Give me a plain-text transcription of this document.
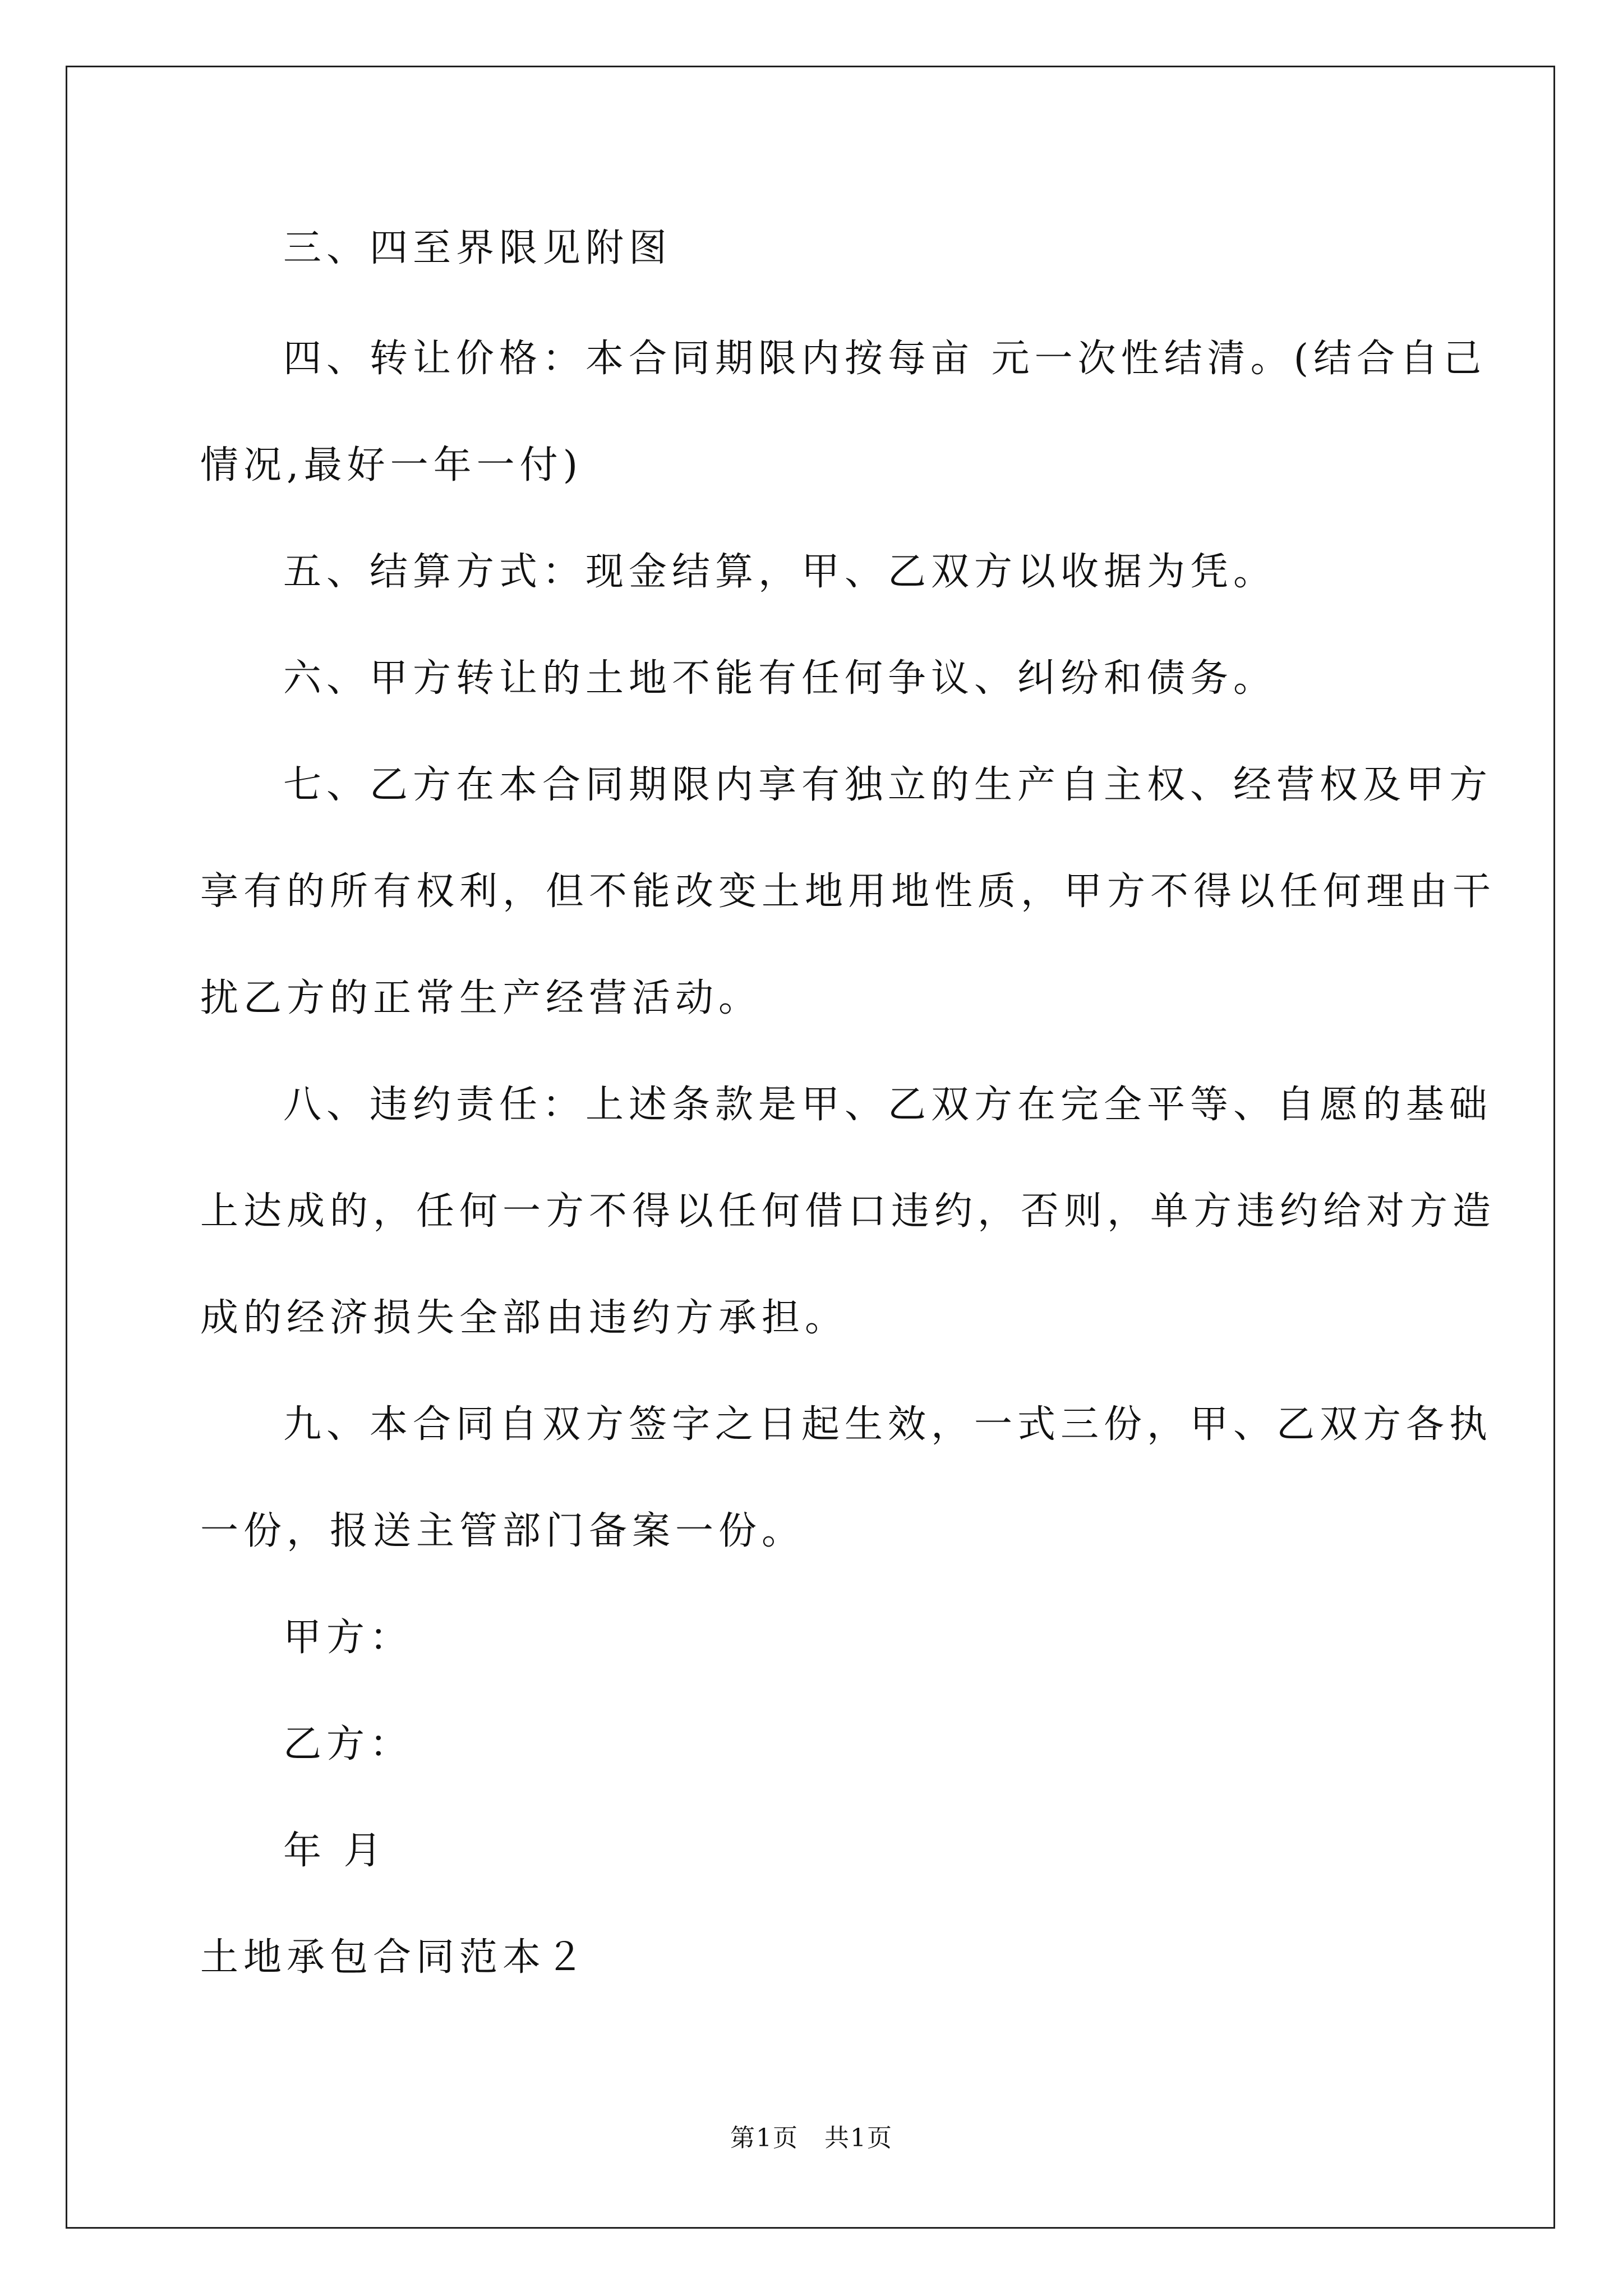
三、四至界限见附图
四、转让价格：本合同期限内按每亩 元一次性结清。(结合自己
情况,最好一年一付)
五、结算方式：现金结算，甲、乙双方以收据为凭。
六、甲方转让的土地不能有任何争议、纠纷和债务。
七、乙方在本合同期限内享有独立的生产自主权、经营权及甲方
享有的所有权利，但不能改变土地用地性质，甲方不得以任何理由干
扰乙方的正常生产经营活动。
八、违约责任：上述条款是甲、乙双方在完全平等、自愿的基础
上达成的，任何一方不得以任何借口违约，否则，单方违约给对方造
成的经济损失全部由违约方承担。
九、本合同自双方签字之日起生效，一式三份，甲、乙双方各执
一份，报送主管部门备案一份。
甲方：
乙方：
年 月
土地承包合同范本２
第1页　共1页
